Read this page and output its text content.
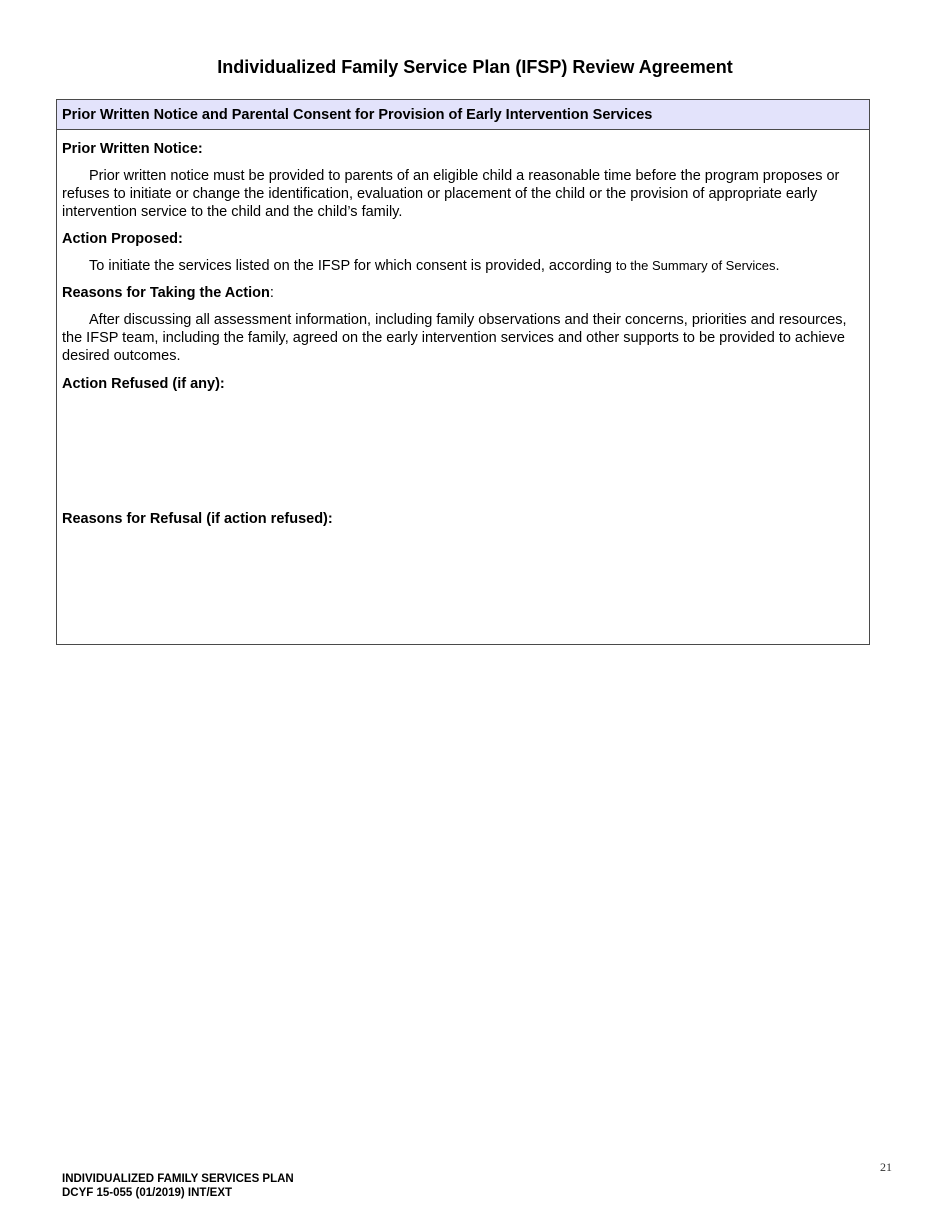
Individualized Family Service Plan (IFSP) Review Agreement
Prior Written Notice and Parental Consent for Provision of Early Intervention Services
Prior Written Notice:

Prior written notice must be provided to parents of an eligible child a reasonable time before the program proposes or refuses to initiate or change the identification, evaluation or placement of the child or the provision of appropriate early intervention service to the child and the child’s family.

Action Proposed:

To initiate the services listed on the IFSP for which consent is provided, according to the Summary of Services.

Reasons for Taking the Action:

After discussing all assessment information, including family observations and their concerns, priorities and resources, the IFSP team, including the family, agreed on the early intervention services and other supports to be provided to achieve desired outcomes.

Action Refused (if any):
Reasons for Refusal (if action refused):
21
INDIVIDUALIZED FAMILY SERVICES PLAN
DCYF 15-055 (01/2019) INT/EXT
